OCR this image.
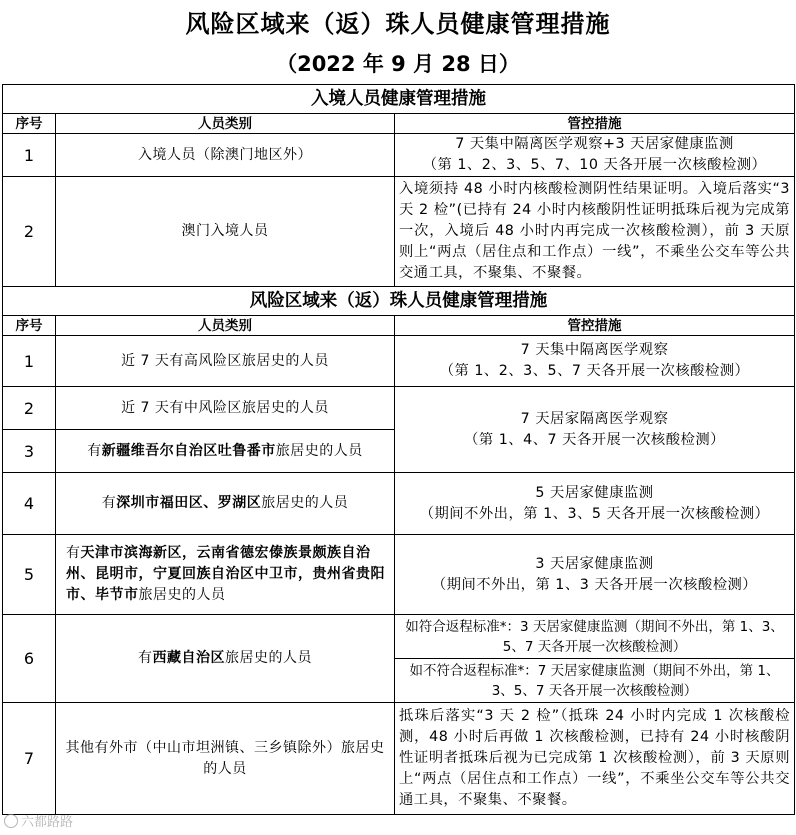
风险区域来（返）珠人员健康管理措施
（2022 年 9 月 28 日）
入境人员健康管理措施		
序号	人员类别	管控措施
1	入境人员（除澳门地区外）	7 天集中隔离医学观察+3 天居家健康监测
（第 1、2、3、5、7、10 天各开展一次核酸检测）
2	澳门入境人员	入境须持 48 小时内核酸检测阴性结果证明。入境后落实“3 天 2 检”(已持有 24 小时内核酸阴性证明抵珠后视为完成第一次，入境后 48 小时内再完成一次核酸检测），前 3 天原则上“两点（居住点和工作点）一线”，不乘坐公交车等公共交通工具，不聚集、不聚餐。
风险区域来（返）珠人员健康管理措施		
序号	人员类别	管控措施
1	近 7 天有高风险区旅居史的人员	7 天集中隔离医学观察
（第 1、2、3、5、7 天各开展一次核酸检测）
2	近 7 天有中风险区旅居史的人员	7 天居家隔离医学观察
（第 1、4、7 天各开展一次核酸检测）
3	有新疆维吾尔自治区吐鲁番市旅居史的人员	
4	有深圳市福田区、罗湖区旅居史的人员	5 天居家健康监测
（期间不外出，第 1、3、5 天各开展一次核酸检测）
5	有天津市滨海新区，云南省德宏傣族景颇族自治州、昆明市，宁夏回族自治区中卫市，贵州省贵阳市、毕节市旅居史的人员	3 天居家健康监测
（期间不外出，第 1、3 天各开展一次核酸检测）
6	有西藏自治区旅居史的人员	如符合返程标准*：3 天居家健康监测（期间不外出，第 1、3、5、7 天各开展一次核酸检测）
		如不符合返程标准*：7 天居家健康监测（期间不外出，第 1、3、5、7 天各开展一次核酸检测）
7	其他有外市（中山市坦洲镇、三乡镇除外）旅居史的人员	抵珠后落实“3 天 2 检”（抵珠 24 小时内完成 1 次核酸检测，48 小时后再做 1 次核酸检测，已持有 24 小时核酸阴性证明者抵珠后视为已完成第 1 次核酸检测），前 3 天原则上“两点（居住点和工作点）一线”，不乘坐公交车等公共交通工具，不聚集、不聚餐。
六都路路
